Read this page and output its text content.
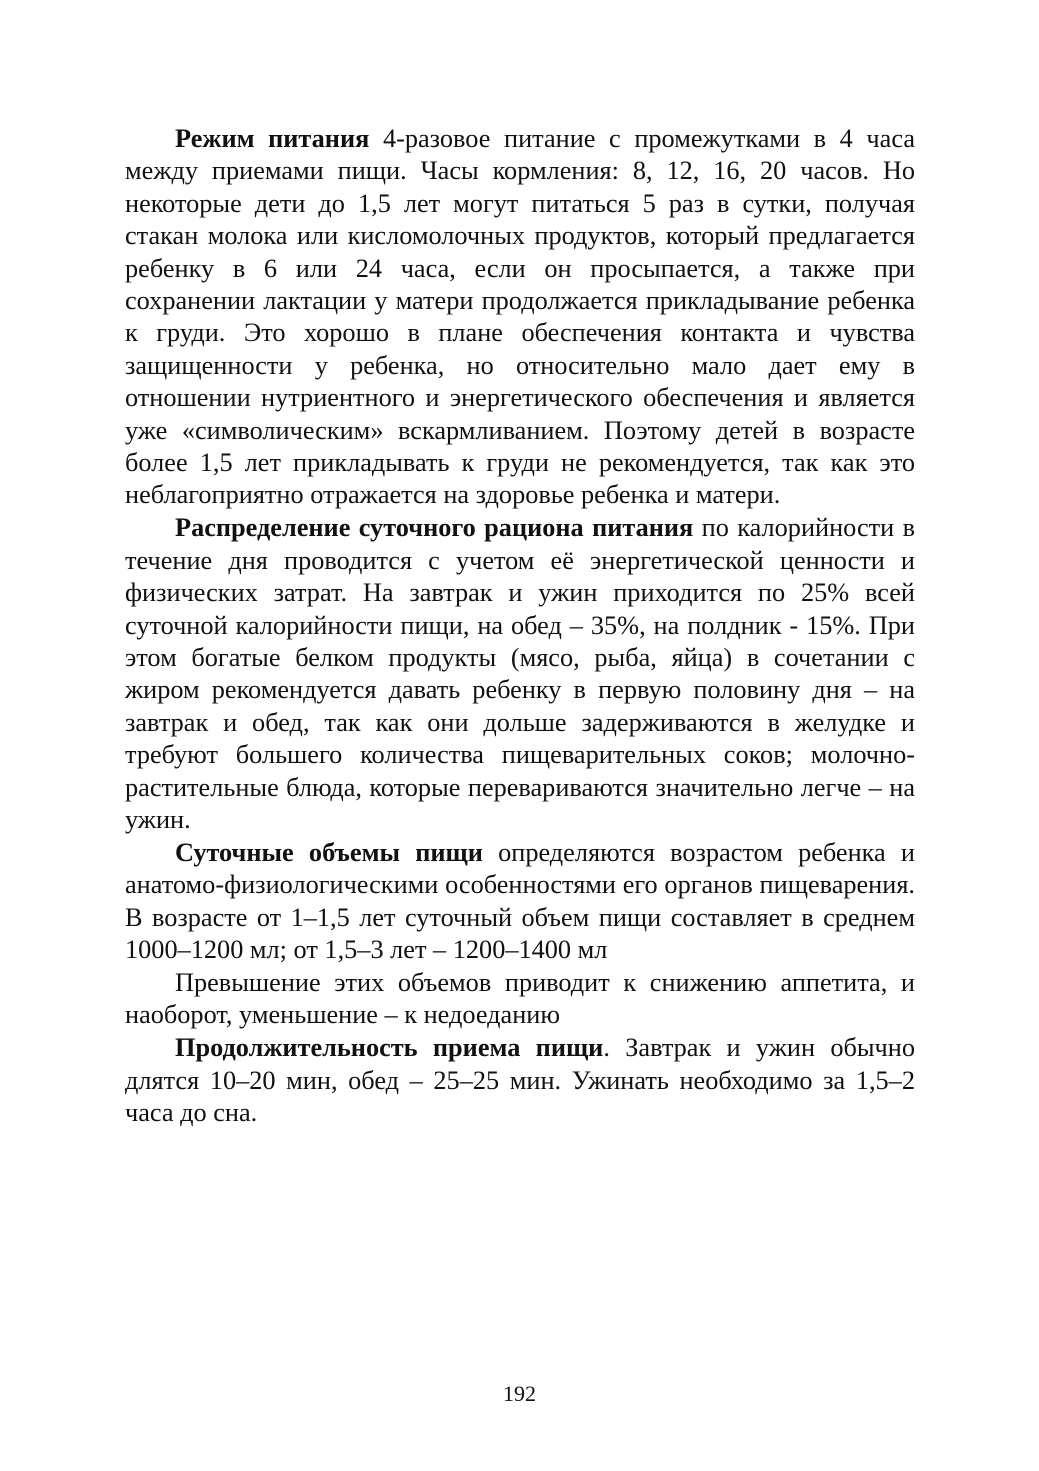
Режим питания 4-разовое питание с промежутками в 4 часа между приемами пищи. Часы кормления: 8, 12, 16, 20 часов. Но некоторые дети до 1,5 лет могут питаться 5 раз в сутки, получая стакан молока или кисломолочных продуктов, который предлагается ребенку в 6 или 24 часа, если он просыпается, а также при сохранении лактации у матери продолжается прикладывание ребенка к груди. Это хорошо в плане обеспечения контакта и чувства защищенности у ребенка, но относительно мало дает ему в отношении нутриентного и энергетического обеспечения и является уже «символическим» вскармливанием. Поэтому детей в возрасте более 1,5 лет прикладывать к груди не рекомендуется, так как это неблагоприятно отражается на здоровье ребенка и матери.

Распределение суточного рациона питания по калорийности в течение дня проводится с учетом её энергетической ценности и физических затрат. На завтрак и ужин приходится по 25% всей суточной калорийности пищи, на обед – 35%, на полдник - 15%. При этом богатые белком продукты (мясо, рыба, яйца) в сочетании с жиром рекомендуется давать ребенку в первую половину дня – на завтрак и обед, так как они дольше задерживаются в желудке и требуют большего количества пищеварительных соков; молочно-растительные блюда, которые перевариваются значительно легче – на ужин.

Суточные объемы пищи определяются возрастом ребенка и анатомо-физиологическими особенностями его органов пищеварения. В возрасте от 1–1,5 лет суточный объем пищи составляет в среднем 1000–1200 мл; от 1,5–3 лет – 1200–1400 мл

Превышение этих объемов приводит к снижению аппетита, и наоборот, уменьшение – к недоеданию

Продолжительность приема пищи. Завтрак и ужин обычно длятся 10–20 мин, обед – 25–25 мин. Ужинать необходимо за 1,5–2 часа до сна.

192
